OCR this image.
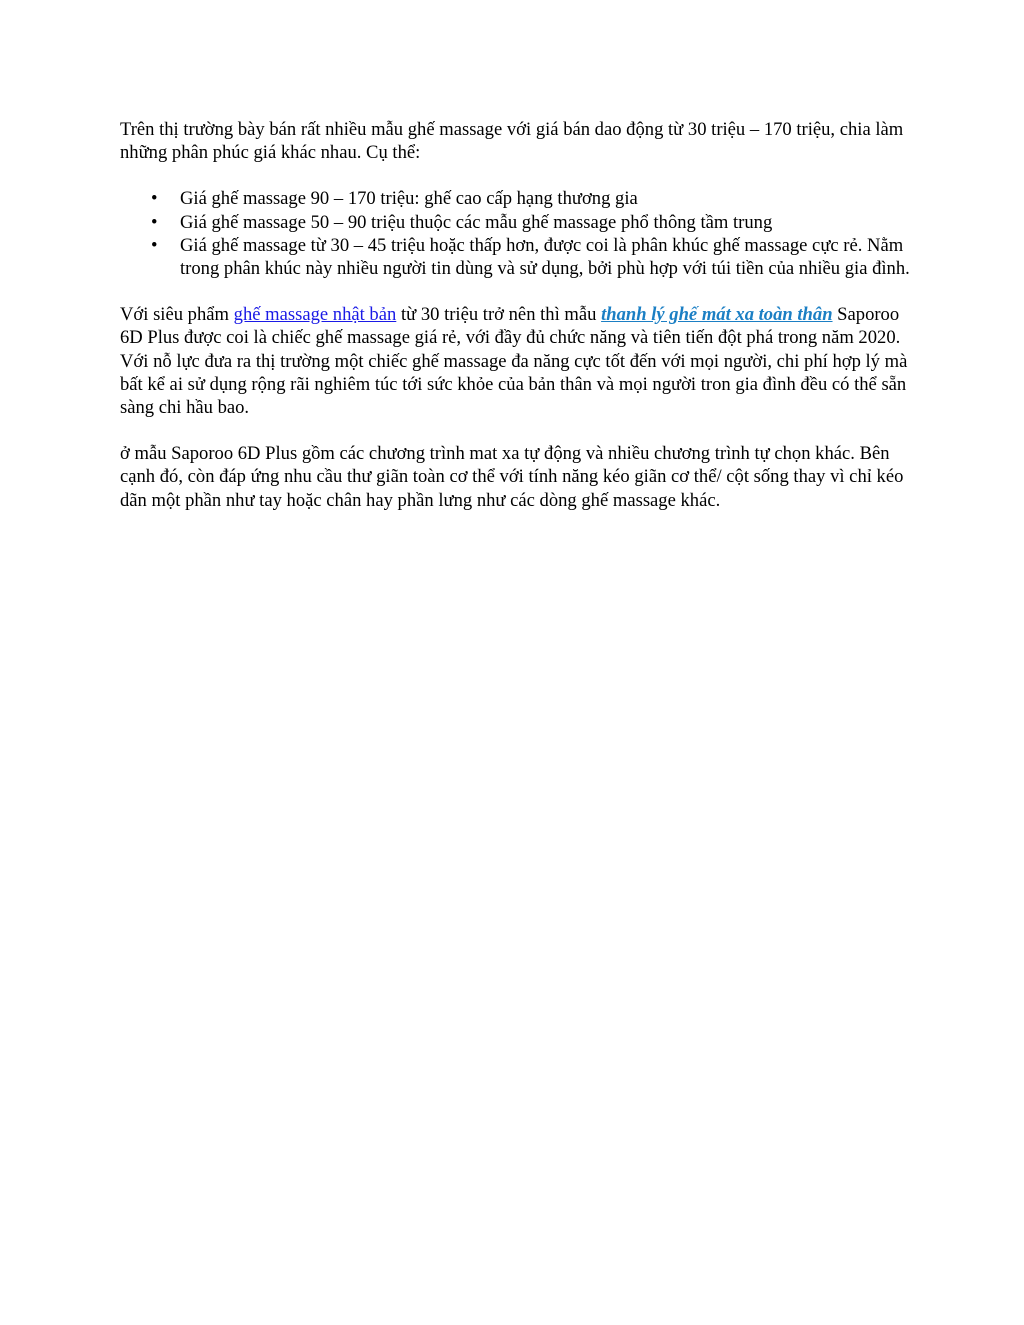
Trên thị trường bày bán rất nhiều mẫu ghế massage với giá bán dao động từ 30 triệu – 170 triệu, chia làm những phân phúc giá khác nhau. Cụ thể:

• Giá ghế massage 90 – 170 triệu: ghế cao cấp hạng thương gia
• Giá ghế massage 50 – 90 triệu thuộc các mẫu ghế massage phổ thông tầm trung
• Giá ghế massage từ 30 – 45 triệu hoặc thấp hơn, được coi là phân khúc ghế massage cực rẻ. Nằm trong phân khúc này nhiều người tin dùng và sử dụng, bởi phù hợp với túi tiền của nhiều gia đình.

Với siêu phẩm ghế massage nhật bản từ 30 triệu trở nên thì mẫu thanh lý ghế mát xa toàn thân Saporoo 6D Plus được coi là chiếc ghế massage giá rẻ, với đầy đủ chức năng và tiên tiến đột phá trong năm 2020. Với nỗ lực đưa ra thị trường một chiếc ghế massage đa năng cực tốt đến với mọi người, chi phí hợp lý mà bất kể ai sử dụng rộng rãi nghiêm túc tới sức khỏe của bản thân và mọi người tron gia đình đều có thể sẵn sàng chi hầu bao.

ở mẫu Saporoo 6D Plus gồm các chương trình mat xa tự động và nhiều chương trình tự chọn khác. Bên cạnh đó, còn đáp ứng nhu cầu thư giãn toàn cơ thể với tính năng kéo giãn cơ thể/ cột sống thay vì chỉ kéo dãn một phần như tay hoặc chân hay phần lưng như các dòng ghế massage khác.
